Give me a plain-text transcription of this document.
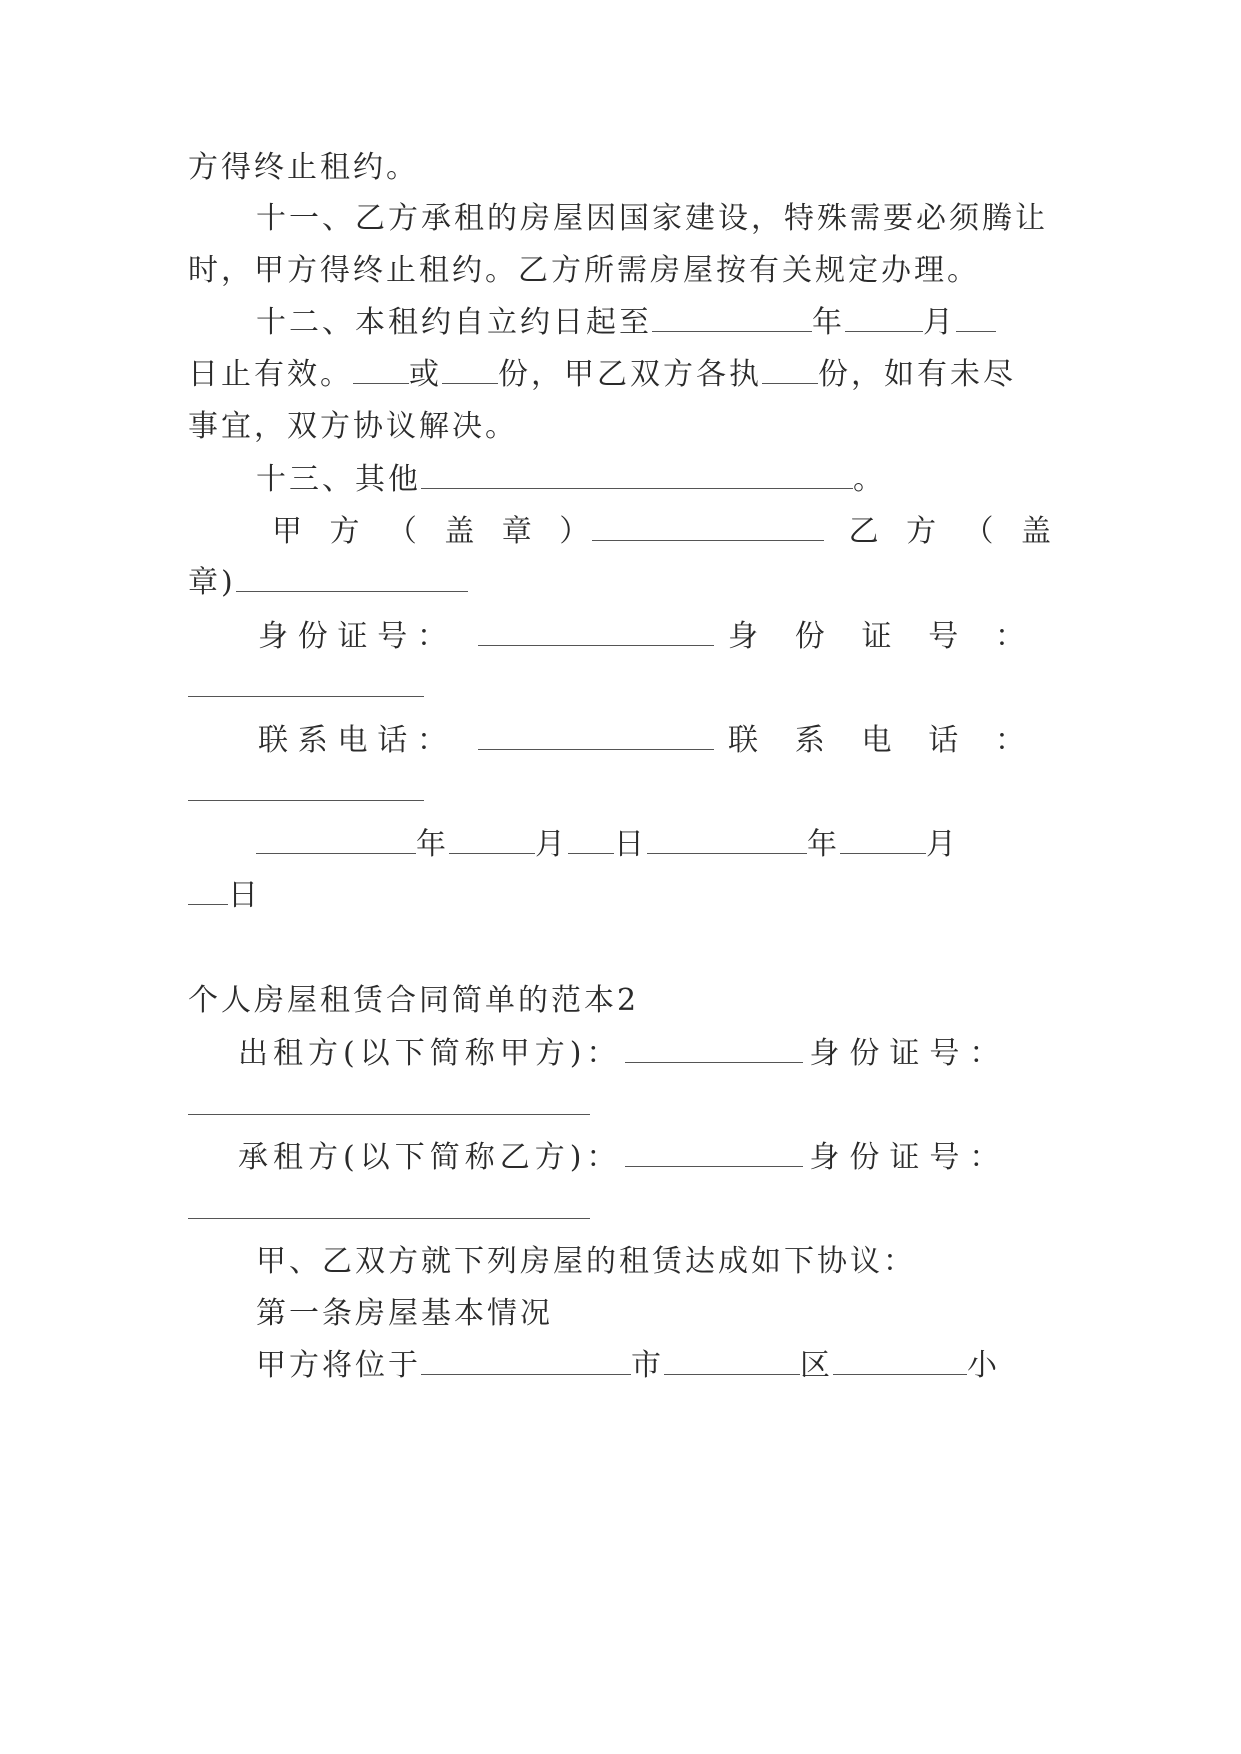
方得终止租约。
十一、乙方承租的房屋因国家建设，特殊需要必须腾让
时，甲方得终止租约。乙方所需房屋按有关规定办理。
十二、本租约自立约日起至	年	月
日止有效。 或 份，甲乙双方各执 份，如有未尽
事宜，双方协议解决。
十三、其他	。
甲 方 （ 盖 章 ）	乙 方 （ 盖
章)
身 份 证 号 ：	身 份 证 号 ：
联 系 电 话 ：	联 系 电 话 ：
年	月 日	年	月
日
个人房屋租赁合同简单的范本2
出租方(以下简称甲方)：	身份证号：
承租方(以下简称乙方)：	身份证号：
甲、乙双方就下列房屋的租赁达成如下协议：
第一条房屋基本情况
甲方将位于	市	区	小
